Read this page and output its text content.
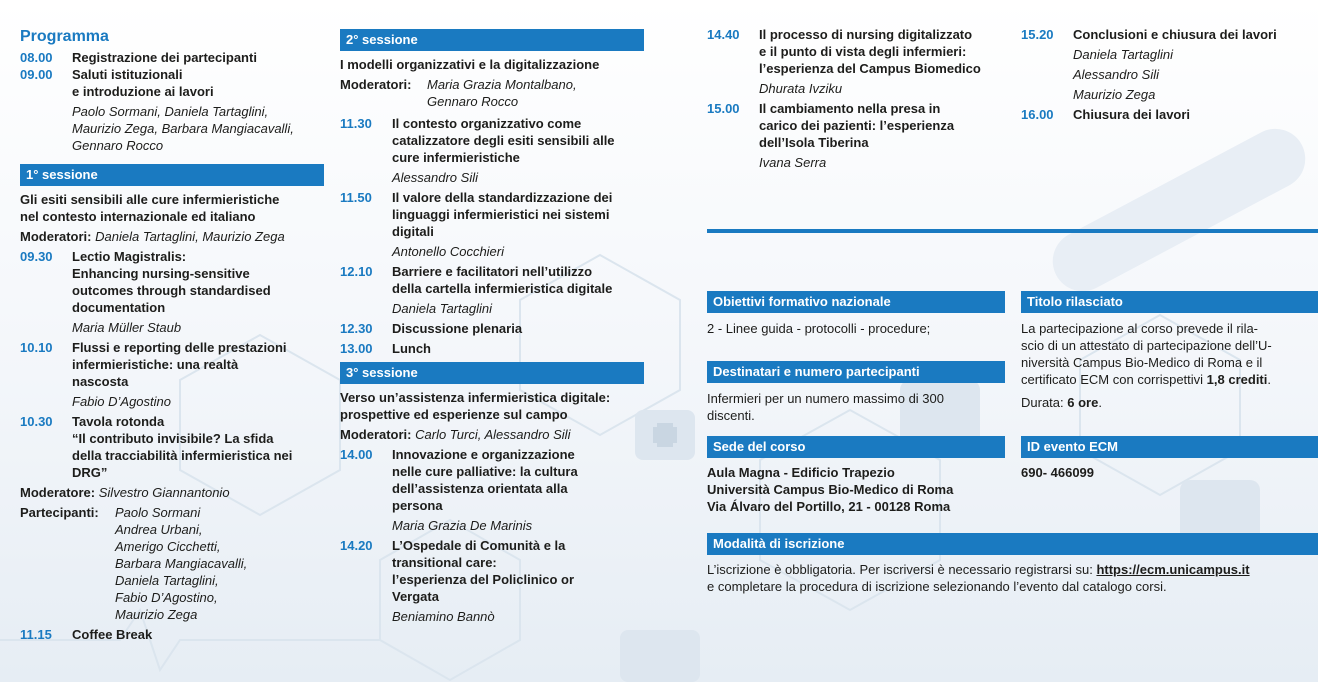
Programma
08.00	Registrazione dei partecipanti
09.00	Saluti istituzionali
e introduzione ai lavori
Paolo Sormani, Daniela Tartaglini,
Maurizio Zega, Barbara Mangiacavalli,
Gennaro Rocco
1° sessione
Gli esiti sensibili alle cure infermieristiche
nel contesto internazionale ed italiano
Moderatori: Daniela Tartaglini, Maurizio Zega
09.30	Lectio Magistralis:
Enhancing nursing-sensitive
outcomes through standardised
documentation
Maria Müller Staub
10.10	Flussi e reporting delle prestazioni
infermieristiche: una realtà
nascosta
Fabio D’Agostino
10.30	Tavola rotonda
“Il contributo invisibile? La sfida
della tracciabilità infermieristica nei
DRG”
Moderatore: Silvestro Giannantonio
Partecipanti:	Paolo Sormani
Andrea Urbani,
Amerigo Cicchetti,
Barbara Mangiacavalli,
Daniela Tartaglini,
Fabio D’Agostino,
Maurizio Zega
11.15	Coffee Break
2° sessione
I modelli organizzativi e la digitalizzazione
Moderatori:	Maria Grazia Montalbano,
Gennaro Rocco
11.30	Il contesto organizzativo come
catalizzatore degli esiti sensibili alle
cure infermieristiche
Alessandro Sili
11.50	Il valore della standardizzazione dei
linguaggi infermieristici nei sistemi
digitali
Antonello Cocchieri
12.10	Barriere e facilitatori nell’utilizzo
della cartella infermieristica digitale
Daniela Tartaglini
12.30	Discussione plenaria
13.00	Lunch
3° sessione
Verso un’assistenza infermieristica digitale:
prospettive ed esperienze sul campo
Moderatori: Carlo Turci, Alessandro Sili
14.00	Innovazione e organizzazione
nelle cure palliative: la cultura
dell’assistenza orientata alla
persona
Maria Grazia De Marinis
14.20	L’Ospedale di Comunità e la
transitional care:
l’esperienza del Policlinico or
Vergata
Beniamino Bannò
14.40	Il processo di nursing digitalizzato
e il punto di vista degli infermieri:
l’esperienza del Campus Biomedico
Dhurata Ivziku
15.00	Il cambiamento nella presa in
carico dei pazienti: l’esperienza
dell’Isola Tiberina
Ivana Serra
15.20	Conclusioni e chiusura dei lavori
Daniela Tartaglini
Alessandro Sili
Maurizio Zega
16.00	Chiusura dei lavori
Obiettivi formativo nazionale
2 - Linee guida - protocolli - procedure;
Destinatari e numero partecipanti
Infermieri per un numero massimo di 300
discenti.
Sede del corso
Aula Magna - Edificio Trapezio
Università Campus Bio-Medico di Roma
Via Álvaro del Portillo, 21 - 00128 Roma
Titolo rilasciato
La partecipazione al corso prevede il rila-
scio di un attestato di partecipazione dell’U-
niversità Campus Bio-Medico di Roma e il
certificato ECM con corrispettivi 1,8 crediti.
Durata: 6 ore.
ID evento ECM
690- 466099
Modalità di iscrizione
L’iscrizione è obbligatoria. Per iscriversi è necessario registrarsi su: https://ecm.unicampus.it
e completare la procedura di iscrizione selezionando l’evento dal catalogo corsi.
